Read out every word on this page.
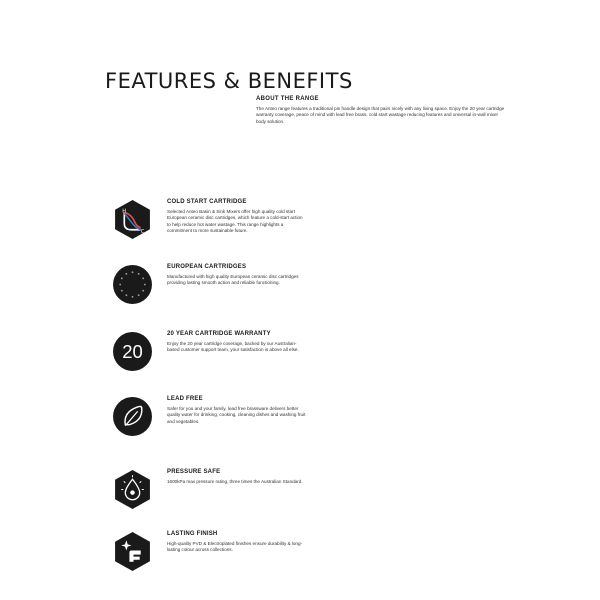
FEATURES & BENEFITS
ABOUT THE RANGE
The Anteo range features a traditional pin handle design that pairs nicely with any living space. Enjoy the 20 year cartridge warranty coverage, peace of mind with lead free brass, cold start wastage reducing features and universal in-wall mixer body solution.
H
C
COLD START CARTRIDGE
Selected Anteo Basin & Sink Mixers offer high quality cold start European ceramic disc cartridges, which feature a cold-start action to help reduce hot water wastage. This range highlights a commitment to more sustainable future.
EUROPEAN CARTRIDGES
Manufactured with high quality European ceramic disc cartridges providing lasting smooth action and reliable functioning.
20
20 YEAR CARTRIDGE WARRANTY
Enjoy the 20 year cartridge coverage, backed by our Australian-based customer support team, your satisfaction is above all else.
LEAD FREE
Safer for you and your family, lead free brassware delivers better quality water for drinking, cooking, cleaning dishes and washing fruit and vegetables.
PRESSURE SAFE
1600kPa max pressure rating, three times the Australian Standard.
LASTING FINISH
High-quality PVD & Electroplated finishes ensure durability & long-lasting colour across collections.
